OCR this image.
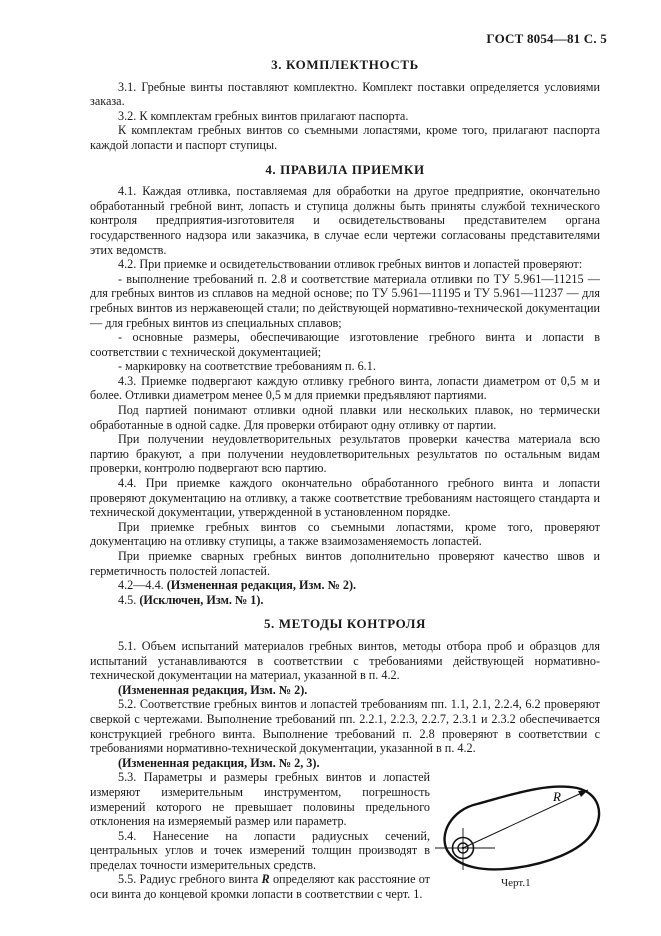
ГОСТ 8054—81 С. 5
3. КОМПЛЕКТНОСТЬ

3.1. Гребные винты поставляют комплектно. Комплект поставки определяется условиями заказа.

3.2. К комплектам гребных винтов прилагают паспорта.

К комплектам гребных винтов со съемными лопастями, кроме того, прилагают паспорта каждой лопасти и паспорт ступицы.

4. ПРАВИЛА ПРИЕМКИ

4.1. Каждая отливка, поставляемая для обработки на другое предприятие, окончательно обработанный гребной винт, лопасть и ступица должны быть приняты службой технического контроля предприятия-изготовителя и освидетельствованы представителем органа государственного надзора или заказчика, в случае если чертежи согласованы представителями этих ведомств.

4.2. При приемке и освидетельствовании отливок гребных винтов и лопастей проверяют:

- выполнение требований п. 2.8 и соответствие материала отливки по ТУ 5.961—11215 — для гребных винтов из сплавов на медной основе; по ТУ 5.961—11195 и ТУ 5.961—11237 — для гребных винтов из нержавеющей стали; по действующей нормативно-технической документации — для гребных винтов из специальных сплавов;

- основные размеры, обеспечивающие изготовление гребного винта и лопасти в соответствии с технической документацией;

- маркировку на соответствие требованиям п. 6.1.

4.3. Приемке подвергают каждую отливку гребного винта, лопасти диаметром от 0,5 м и более. Отливки диаметром менее 0,5 м для приемки предъявляют партиями.

Под партией понимают отливки одной плавки или нескольких плавок, но термически обработанные в одной садке. Для проверки отбирают одну отливку от партии.

При получении неудовлетворительных результатов проверки качества материала всю партию бракуют, а при получении неудовлетворительных результатов по остальным видам проверки, контролю подвергают всю партию.

4.4. При приемке каждого окончательно обработанного гребного винта и лопасти проверяют документацию на отливку, а также соответствие требованиям настоящего стандарта и технической документации, утвержденной в установленном порядке.

При приемке гребных винтов со съемными лопастями, кроме того, проверяют документацию на отливку ступицы, а также взаимозаменяемость лопастей.

При приемке сварных гребных винтов дополнительно проверяют качество швов и герметичность полостей лопастей.

4.2—4.4. (Измененная редакция, Изм. № 2).

4.5. (Исключен, Изм. № 1).

5. МЕТОДЫ КОНТРОЛЯ

5.1. Объем испытаний материалов гребных винтов, методы отбора проб и образцов для испытаний устанавливаются в соответствии с требованиями действующей нормативно-технической документации на материал, указанной в п. 4.2.

(Измененная редакция, Изм. № 2).

5.2. Соответствие гребных винтов и лопастей требованиям пп. 1.1, 2.1, 2.2.4, 6.2 проверяют сверкой с чертежами. Выполнение требований пп. 2.2.1, 2.2.3, 2.2.7, 2.3.1 и 2.3.2 обеспечивается конструкцией гребного винта. Выполнение требований п. 2.8 проверяют в соответствии с требованиями нормативно-технической документации, указанной в п. 4.2.

(Измененная редакция, Изм. № 2, 3).

5.3. Параметры и размеры гребных винтов и лопастей измеряют измерительным инструментом, погрешность измерений которого не превышает половины предельного отклонения на измеряемый размер или параметр.

5.4. Нанесение на лопасти радиусных сечений, центральных углов и точек измерений толщин производят в пределах точности измерительных средств.

5.5. Радиус гребного винта R определяют как расстояние от оси винта до концевой кромки лопасти в соответствии с черт. 1.

R
Черт.1
